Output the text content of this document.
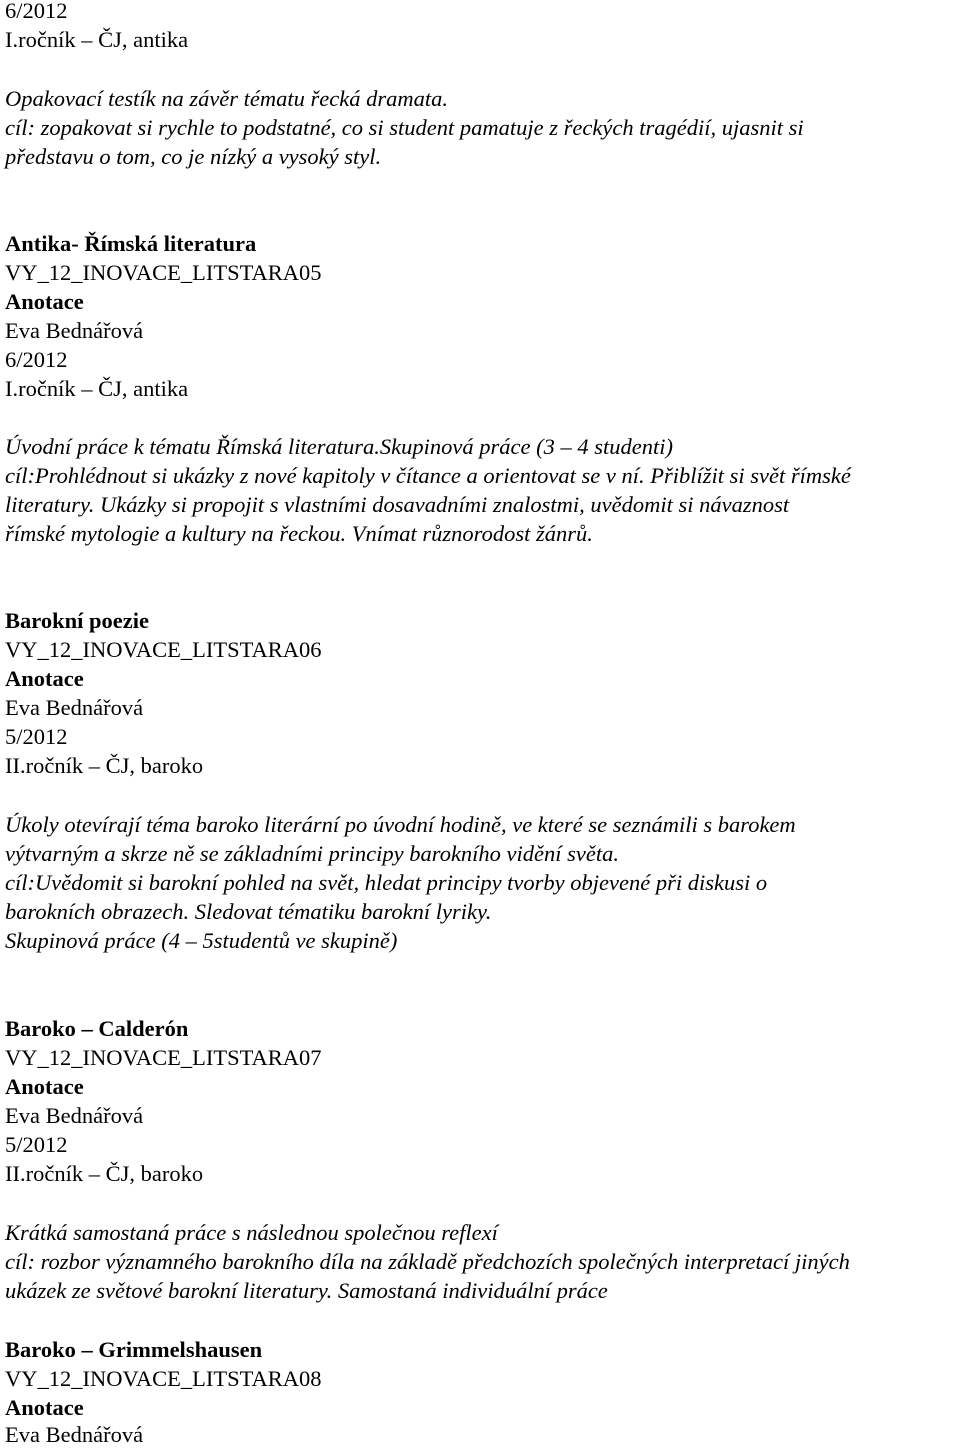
6/2012
I.ročník – ČJ, antika
Opakovací testík na závěr tématu řecká dramata.
cíl: zopakovat si rychle to podstatné, co si student pamatuje z řeckých tragédií, ujasnit si
představu o tom, co je nízký a vysoký styl.
Antika- Římská literatura
VY_12_INOVACE_LITSTARA05
Anotace
Eva Bednářová
6/2012
I.ročník – ČJ, antika
Úvodní práce k tématu Římská literatura.Skupinová práce (3 – 4 studenti)
cíl:Prohlédnout si ukázky z nové kapitoly v čítance a orientovat se v ní. Přiblížit si svět římské
literatury. Ukázky si propojit s vlastními dosavadními znalostmi, uvědomit si návaznost
římské mytologie a kultury na řeckou. Vnímat různorodost žánrů.
Barokní poezie
VY_12_INOVACE_LITSTARA06
Anotace
Eva Bednářová
5/2012
II.ročník – ČJ, baroko
Úkoly otevírají téma baroko literární po úvodní hodině, ve které se seznámili s barokem
výtvarným a skrze ně se základními principy barokního vidění světa.
cíl:Uvědomit si barokní pohled na svět, hledat principy tvorby objevené při diskusi o
barokních obrazech. Sledovat tématiku barokní lyriky.
Skupinová práce (4 – 5studentů ve skupině)
Baroko – Calderón
VY_12_INOVACE_LITSTARA07
Anotace
Eva Bednářová
5/2012
II.ročník – ČJ, baroko
Krátká samostaná práce s následnou společnou reflexí
cíl: rozbor významného barokního díla na základě předchozích společných interpretací jiných
ukázek ze světové barokní literatury. Samostaná individuální práce
Baroko – Grimmelshausen
VY_12_INOVACE_LITSTARA08
Anotace
Eva Bednářová
